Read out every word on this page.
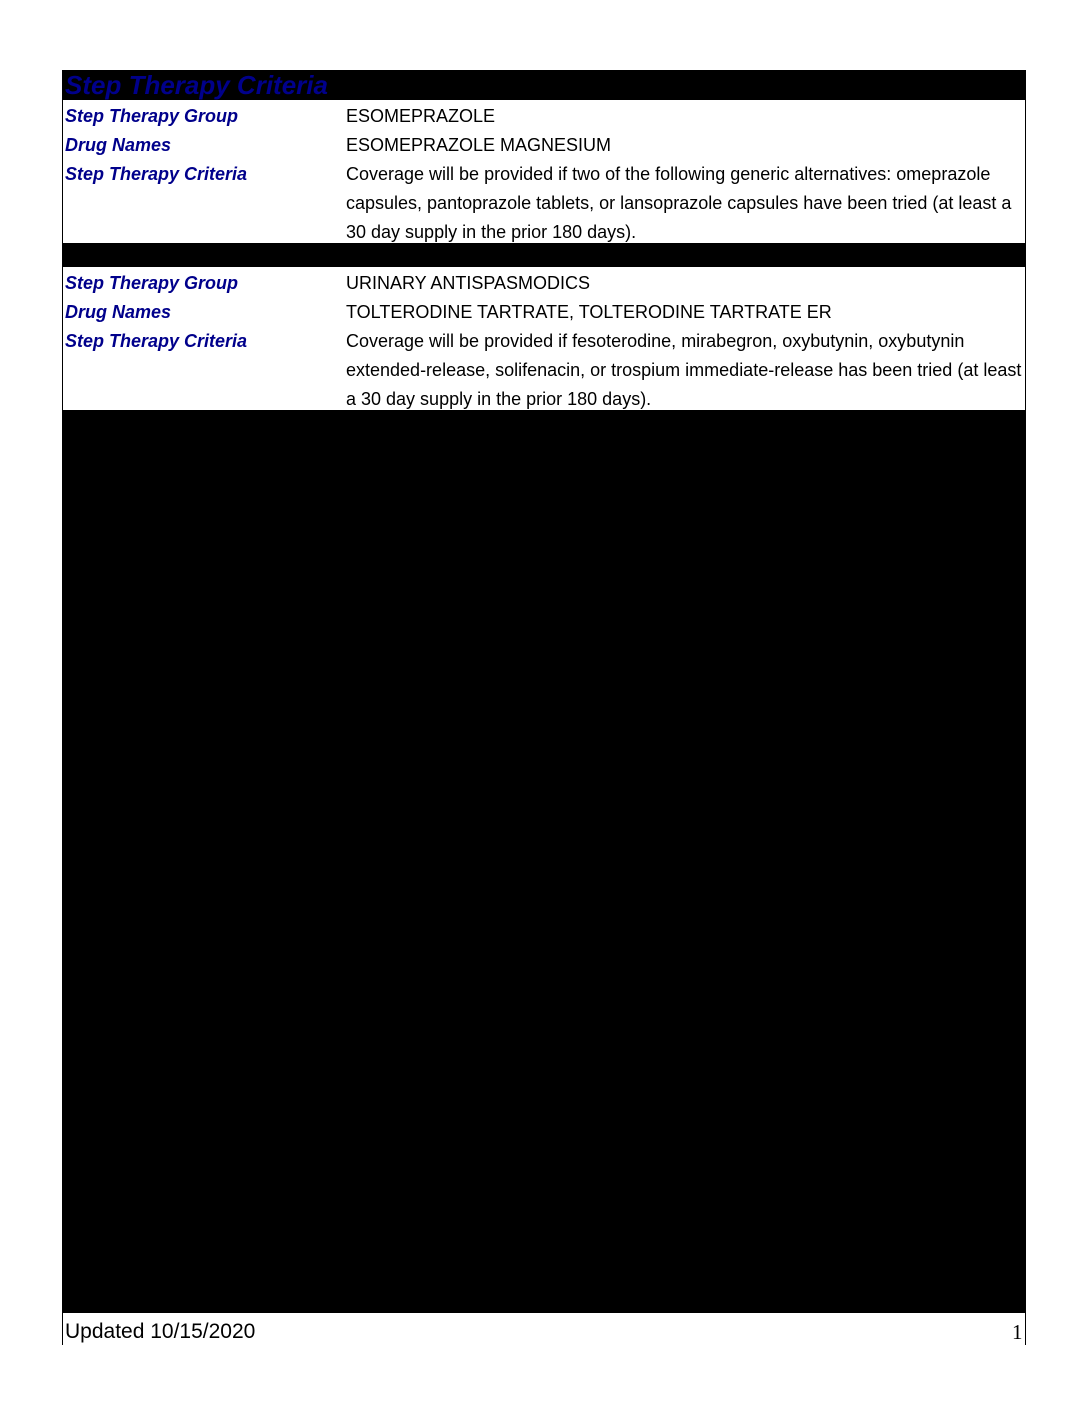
Step Therapy Criteria
Step Therapy Group	ESOMEPRAZOLE
Drug Names	ESOMEPRAZOLE MAGNESIUM
Step Therapy Criteria	Coverage will be provided if two of the following generic alternatives: omeprazole capsules, pantoprazole tablets, or lansoprazole capsules have been tried (at least a 30 day supply in the prior 180 days).
Step Therapy Group	URINARY ANTISPASMODICS
Drug Names	TOLTERODINE TARTRATE, TOLTERODINE TARTRATE ER
Step Therapy Criteria	Coverage will be provided if fesoterodine, mirabegron, oxybutynin, oxybutynin extended-release, solifenacin, or trospium immediate-release has been tried (at least a 30 day supply in the prior 180 days).
Updated 10/15/2020	1
